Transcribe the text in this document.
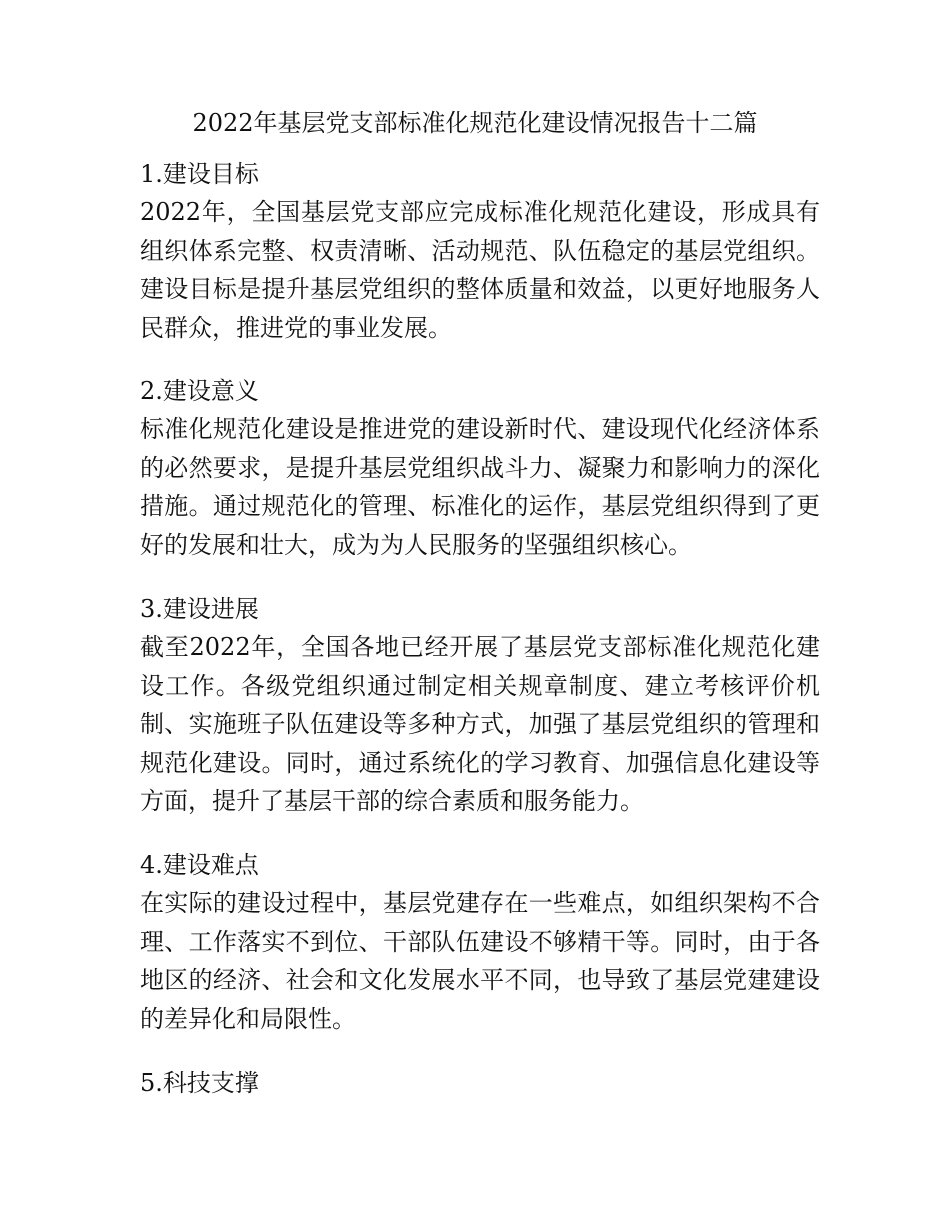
2022年基层党支部标准化规范化建设情况报告十二篇
1.建设目标

2022年，全国基层党支部应完成标准化规范化建设，形成具有组织体系完整、权责清晰、活动规范、队伍稳定的基层党组织。建设目标是提升基层党组织的整体质量和效益，以更好地服务人民群众，推进党的事业发展。

2.建设意义

标准化规范化建设是推进党的建设新时代、建设现代化经济体系的必然要求，是提升基层党组织战斗力、凝聚力和影响力的深化措施。通过规范化的管理、标准化的运作，基层党组织得到了更好的发展和壮大，成为为人民服务的坚强组织核心。

3.建设进展

截至2022年，全国各地已经开展了基层党支部标准化规范化建设工作。各级党组织通过制定相关规章制度、建立考核评价机制、实施班子队伍建设等多种方式，加强了基层党组织的管理和规范化建设。同时，通过系统化的学习教育、加强信息化建设等方面，提升了基层干部的综合素质和服务能力。

4.建设难点

在实际的建设过程中，基层党建存在一些难点，如组织架构不合理、工作落实不到位、干部队伍建设不够精干等。同时，由于各地区的经济、社会和文化发展水平不同，也导致了基层党建建设的差异化和局限性。

5.科技支撑
